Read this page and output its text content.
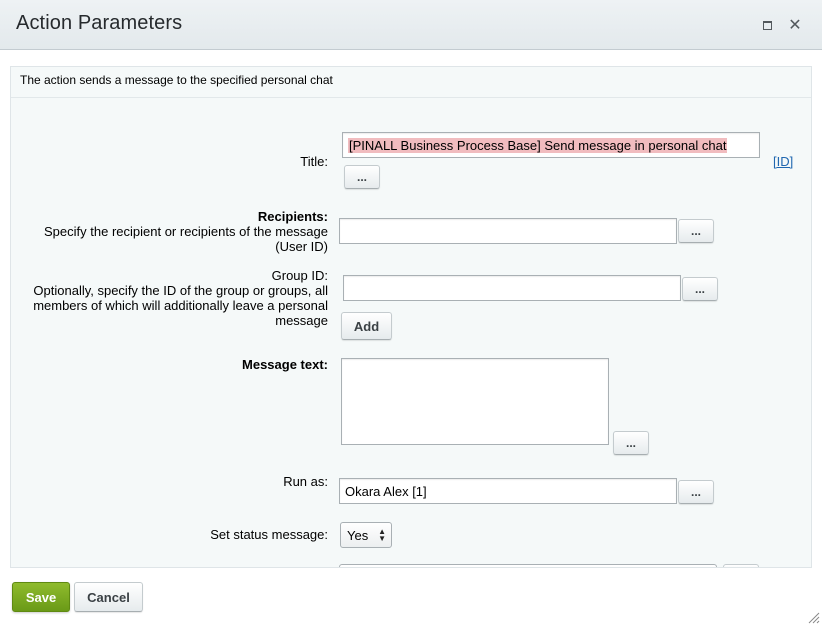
Action Parameters	✕
The action sends a message to the specified personal chat
Title:
[PINALL Business Process Base] Send message in personal chat
...
[ID]
Recipients:
Specify the recipient or recipients of the message
(User ID)
...
Group ID:
Optionally, specify the ID of the group or groups, all
members of which will additionally leave a personal
message
...
Add
Message text:
...
Run as:
Okara Alex [1]	...
Set status message:	Yes ▲
▼
Save	Cancel
